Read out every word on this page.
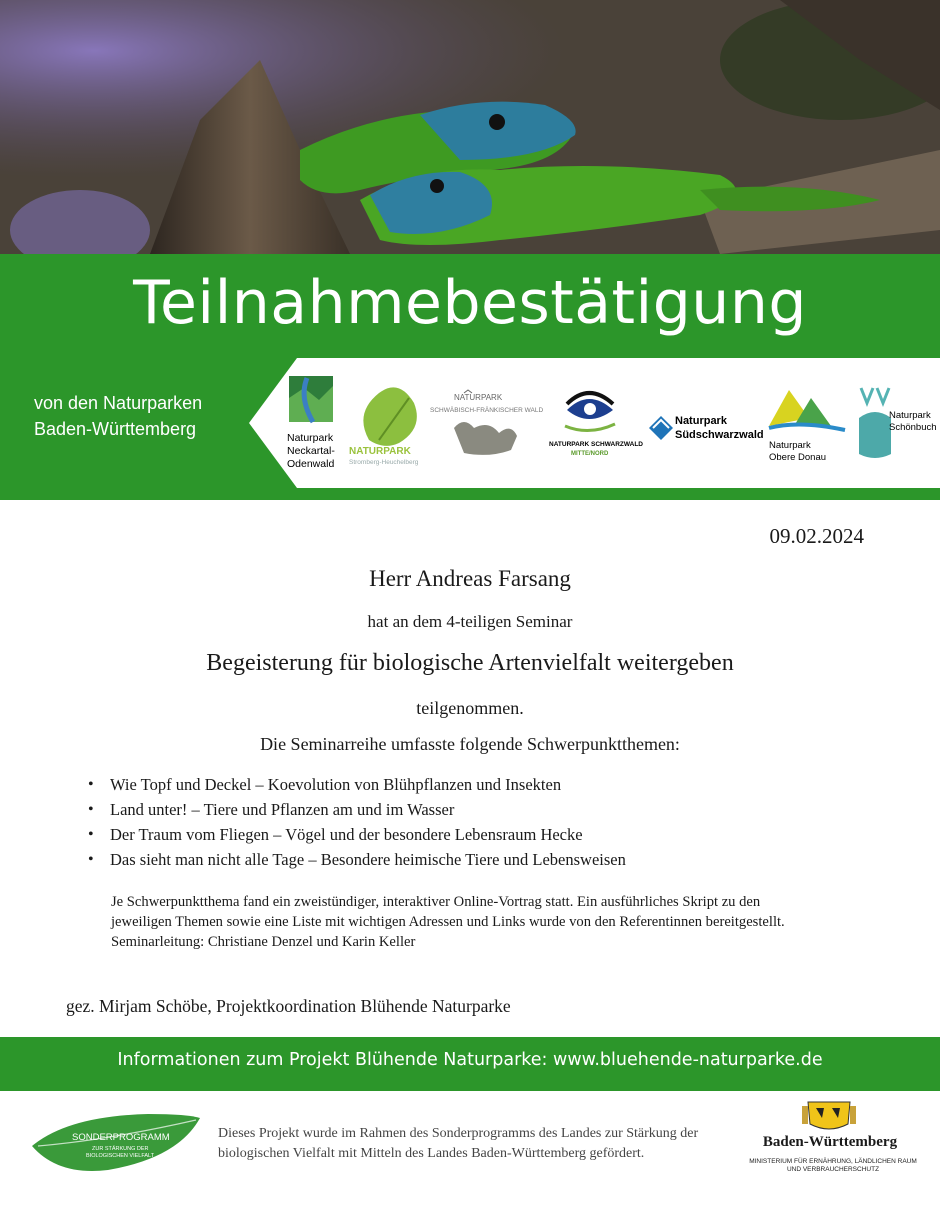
Teilnahmebestätigung
von den Naturparken
Baden-Württemberg	Naturpark
Neckartal-
Odenwald
NATURPARK
Stromberg-Heuchelberg
NATURPARK
SCHWÄBISCH-FRÄNKISCHER WALD
NATURPARK SCHWARZWALD
MITTE/NORD
Naturpark
Südschwarzwald
Naturpark
Obere Donau
Naturpark
Schönbuch
09.02.2024
Herr Andreas Farsang
hat an dem 4-teiligen Seminar
Begeisterung für biologische Artenvielfalt weitergeben
teilgenommen.
Die Seminarreihe umfasste folgende Schwerpunktthemen:
• Wie Topf und Deckel – Koevolution von Blühpflanzen und Insekten
• Land unter! – Tiere und Pflanzen am und im Wasser
• Der Traum vom Fliegen – Vögel und der besondere Lebensraum Hecke
• Das sieht man nicht alle Tage – Besondere heimische Tiere und Lebensweisen
Je Schwerpunktthema fand ein zweistündiger, interaktiver Online-Vortrag statt. Ein ausführliches Skript zu den
jeweiligen Themen sowie eine Liste mit wichtigen Adressen und Links wurde von den Referentinnen bereitgestellt.
Seminarleitung: Christiane Denzel und Karin Keller
gez. Mirjam Schöbe, Projektkoordination Blühende Naturparke
Informationen zum Projekt Blühende Naturparke: www.bluehende-naturparke.de
SONDERPROGRAMM
ZUR STÄRKUNG DER
BIOLOGISCHEN VIELFALT
Dieses Projekt wurde im Rahmen des Sonderprogramms des Landes zur Stärkung der
biologischen Vielfalt mit Mitteln des Landes Baden-Württemberg gefördert.
Baden-Württemberg
MINISTERIUM FÜR ERNÄHRUNG, LÄNDLICHEN RAUM
UND VERBRAUCHERSCHUTZ
